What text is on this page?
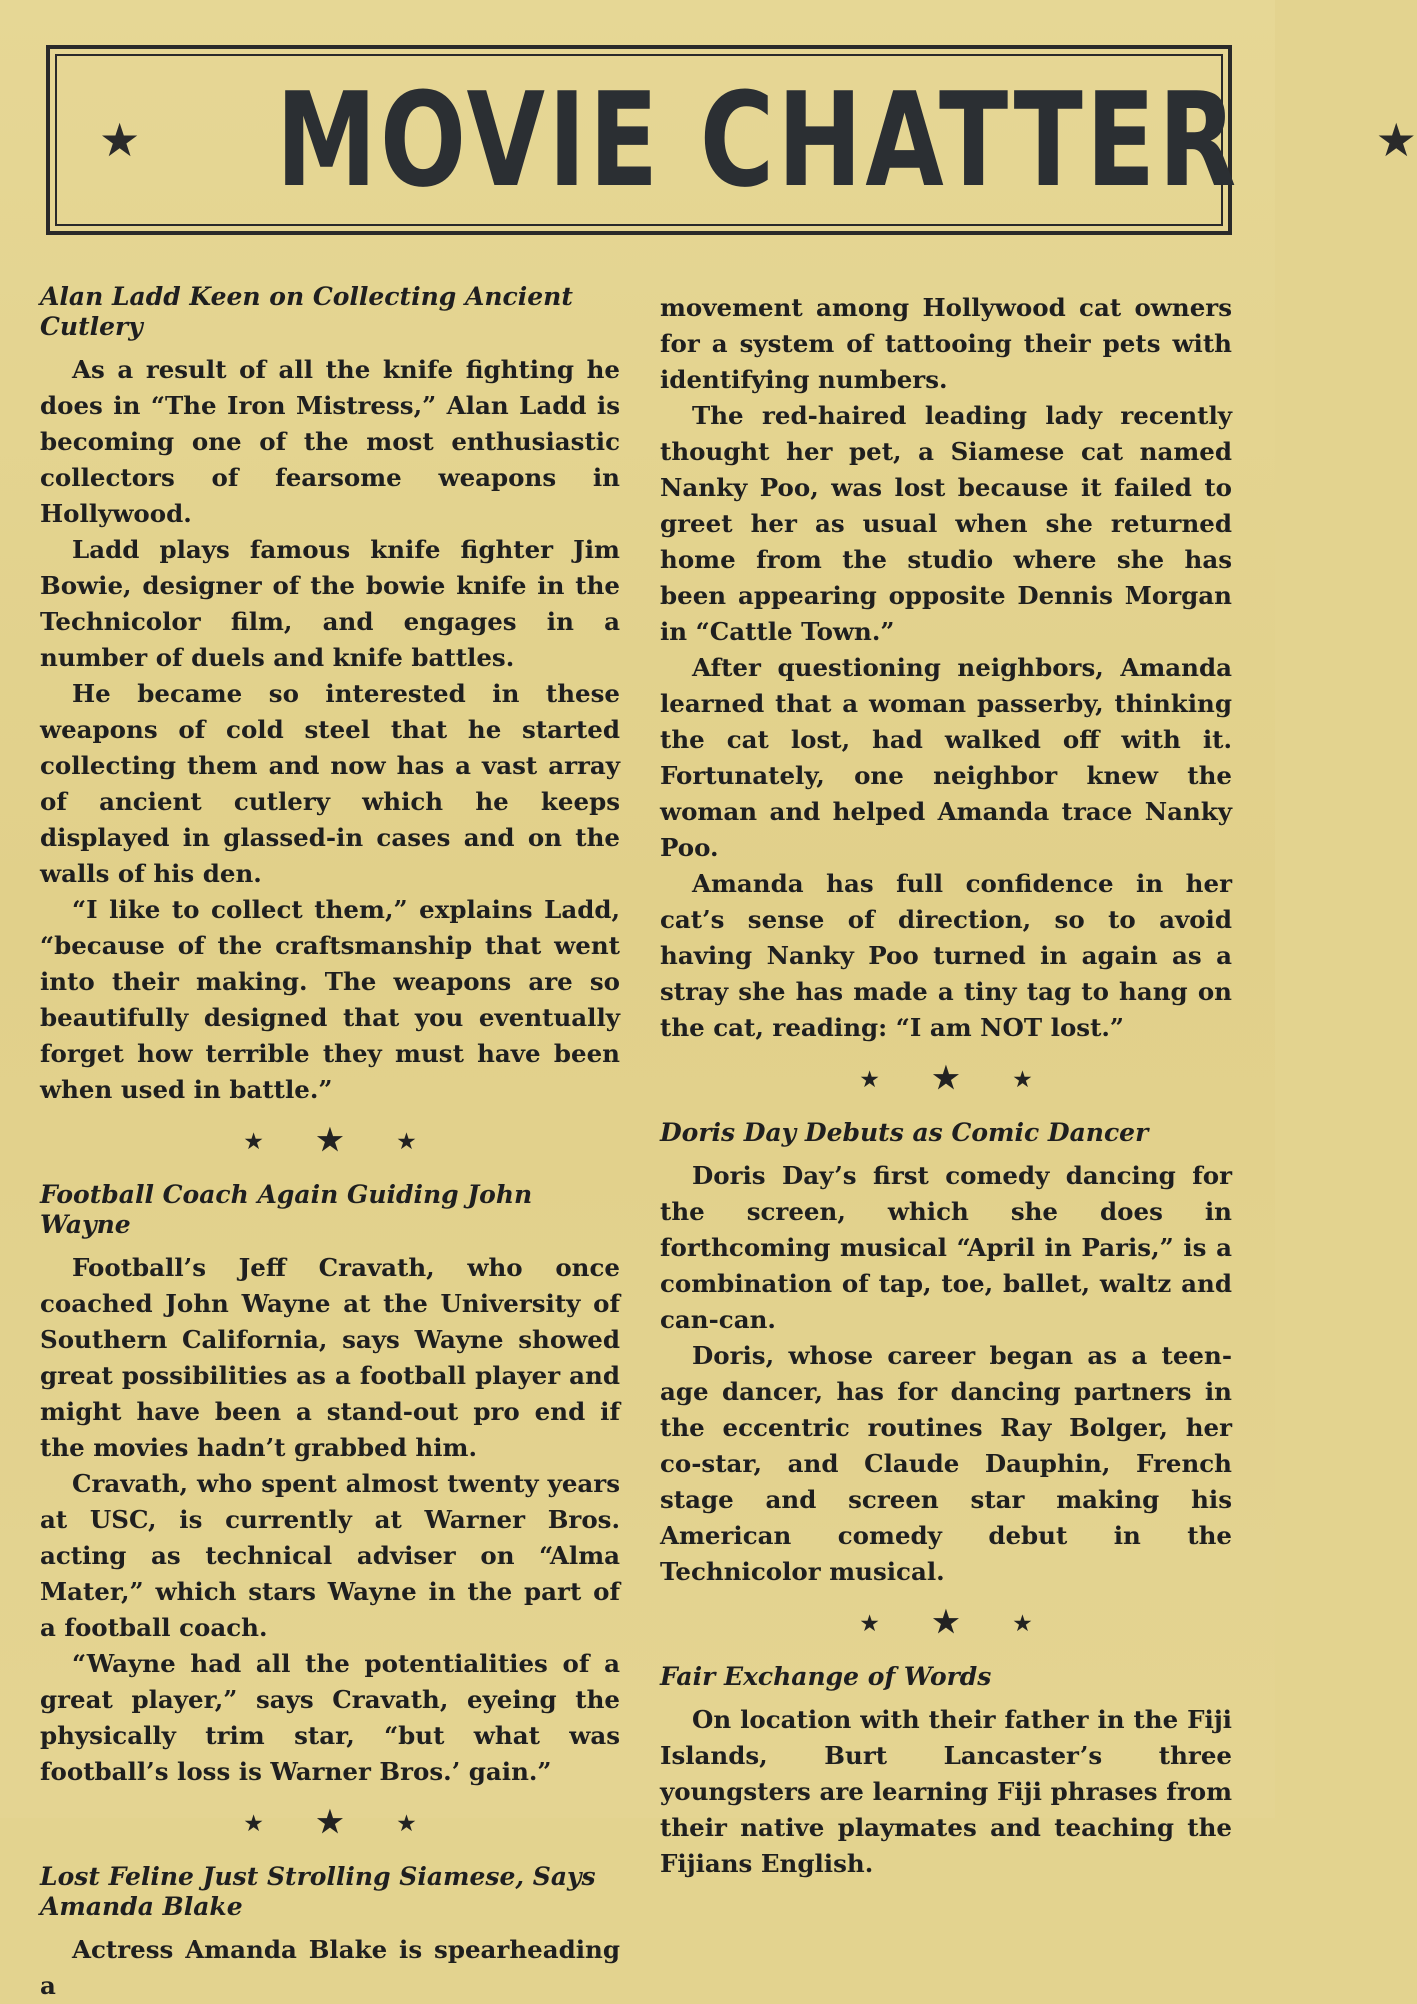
★ MOVIE CHATTER	★
Alan Ladd Keen on Collecting Ancient Cutlery

As a result of all the knife fighting he does in “The Iron Mistress,” Alan Ladd is becoming one of the most enthusiastic collectors of fearsome weapons in Hollywood.

Ladd plays famous knife fighter Jim Bowie, designer of the bowie knife in the Technicolor film, and engages in a number of duels and knife battles.

He became so interested in these weapons of cold steel that he started collecting them and now has a vast array of ancient cutlery which he keeps displayed in glassed-in cases and on the walls of his den.

“I like to collect them,” explains Ladd, “because of the craftsmanship that went into their making. The weapons are so beautifully designed that you eventually forget how terrible they must have been when used in battle.”

★ ★	★
Football Coach Again Guiding John Wayne

Football’s Jeff Cravath, who once coached John Wayne at the University of Southern California, says Wayne showed great possibilities as a football player and might have been a stand-out pro end if the movies hadn’t grabbed him.

Cravath, who spent almost twenty years at USC, is currently at Warner Bros. acting as technical adviser on “Alma Mater,” which stars Wayne in the part of a football coach.

“Wayne had all the potentialities of a great player,” says Cravath, eyeing the physically trim star, “but what was football’s loss is Warner Bros.’ gain.”

★ ★	★
Lost Feline Just Strolling Siamese, Says Amanda Blake

Actress Amanda Blake is spearheading a

movement among Hollywood cat owners for a system of tattooing their pets with identifying numbers.

The red-haired leading lady recently thought her pet, a Siamese cat named Nanky Poo, was lost because it failed to greet her as usual when she returned home from the studio where she has been appearing opposite Dennis Morgan in “Cattle Town.”

After questioning neighbors, Amanda learned that a woman passerby, thinking the cat lost, had walked off with it. Fortunately, one neighbor knew the woman and helped Amanda trace Nanky Poo.

Amanda has full confidence in her cat’s sense of direction, so to avoid having Nanky Poo turned in again as a stray she has made a tiny tag to hang on the cat, reading: “I am NOT lost.”

★ ★	★
Doris Day Debuts as Comic Dancer

Doris Day’s first comedy dancing for the screen, which she does in forthcoming musical “April in Paris,” is a combination of tap, toe, ballet, waltz and can-can.

Doris, whose career began as a teen-age dancer, has for dancing partners in the eccentric routines Ray Bolger, her co-star, and Claude Dauphin, French stage and screen star making his American comedy debut in the Technicolor musical.

★ ★	★
Fair Exchange of Words

On location with their father in the Fiji Islands, Burt Lancaster’s three youngsters are learning Fiji phrases from their native playmates and teaching the Fijians English.
